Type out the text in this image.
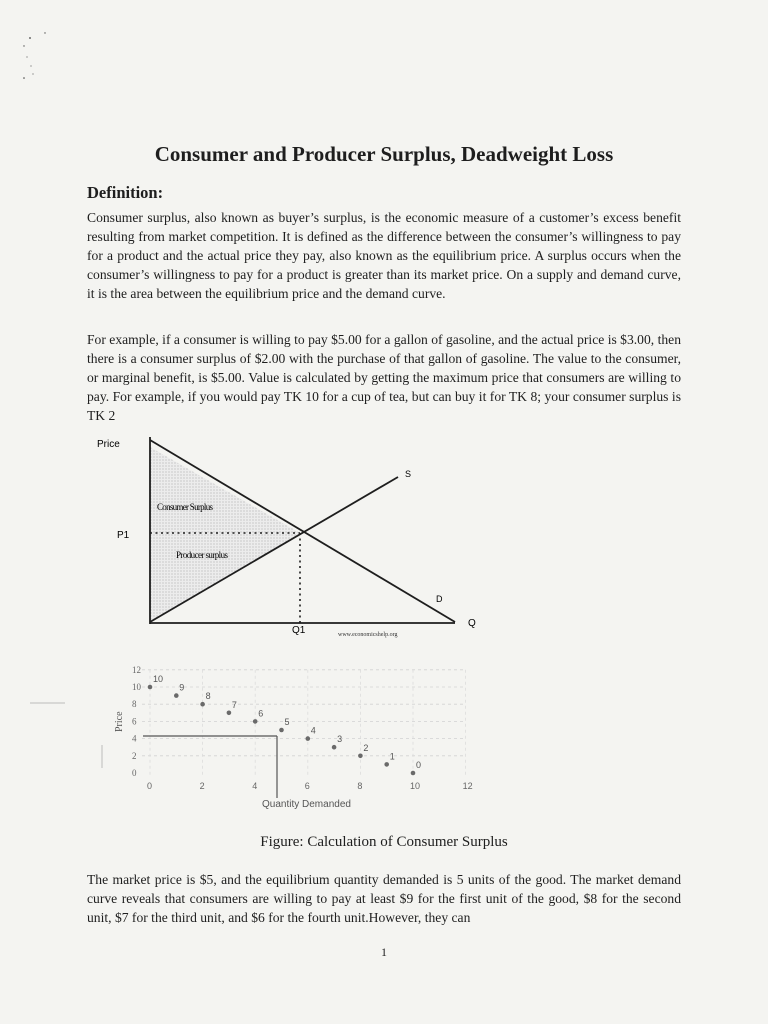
Consumer and Producer Surplus, Deadweight Loss
Definition:

Consumer surplus, also known as buyer’s surplus, is the economic measure of a customer’s excess benefit resulting from market competition. It is defined as the difference between the consumer’s willingness to pay for a product and the actual price they pay, also known as the equilibrium price. A surplus occurs when the consumer’s willingness to pay for a product is greater than its market price. On a supply and demand curve, it is the area between the equilibrium price and the demand curve.

For example, if a consumer is willing to pay $5.00 for a gallon of gasoline, and the actual price is $3.00, then there is a consumer surplus of $2.00 with the purchase of that gallon of gasoline. The value to the consumer, or marginal benefit, is $5.00. Value is calculated by getting the maximum price that consumers are willing to pay. For example, if you would pay TK 10 for a cup of tea, but can buy it for TK 8; your consumer surplus is TK 2

Price
P1
Q1
Q
S
D
Consumer Surplus
Producer surplus
www.economicshelp.org
Price
Quantity Demanded
0
2
4
6
8
10
12
0	2	4	6	8	10	12
10
9
8
7
6
5
4
3
2
1
0

Figure: Calculation of Consumer Surplus

The market price is $5, and the equilibrium quantity demanded is 5 units of the good. The market demand curve reveals that consumers are willing to pay at least $9 for the first unit of the good, $8 for the second unit, $7 for the third unit, and $6 for the fourth unit.However, they can

1
